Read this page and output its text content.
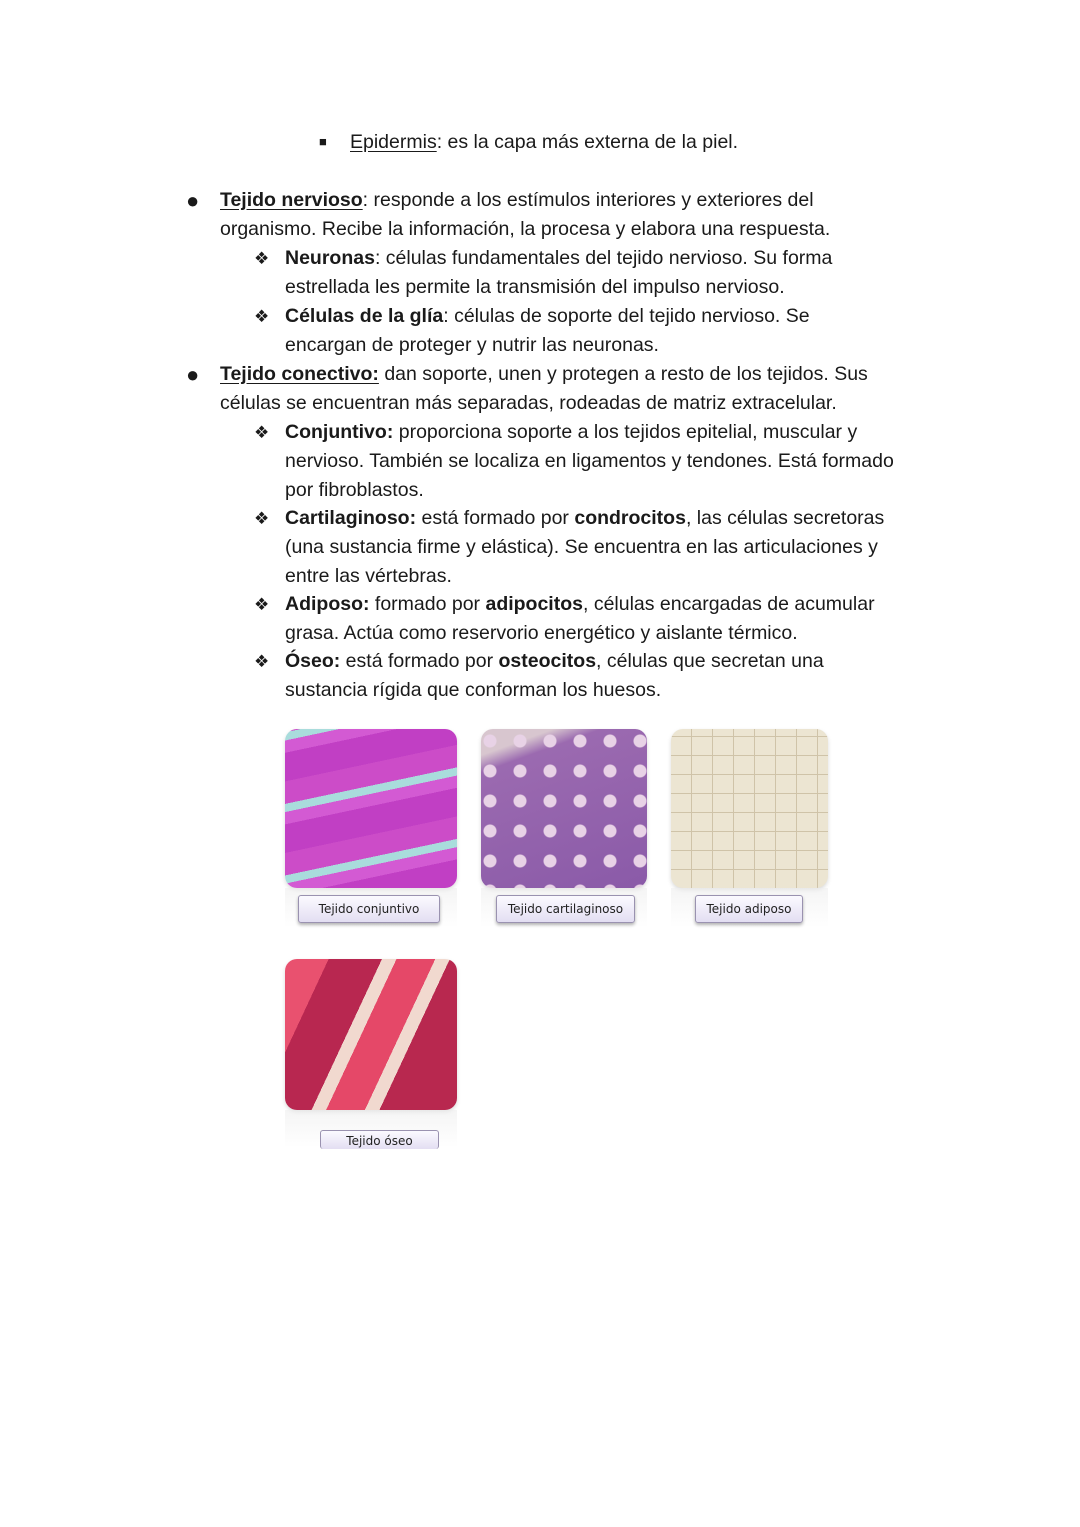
■ Epidermis: es la capa más externa de la piel.
● Tejido nervioso: responde a los estímulos interiores y exteriores del organismo. Recibe la información, la procesa y elabora una respuesta.
❖ Neuronas: células fundamentales del tejido nervioso. Su forma estrellada les permite la transmisión del impulso nervioso.
❖ Células de la glía: células de soporte del tejido nervioso. Se encargan de proteger y nutrir las neuronas.
● Tejido conectivo: dan soporte, unen y protegen a resto de los tejidos. Sus células se encuentran más separadas, rodeadas de matriz extracelular.
❖ Conjuntivo: proporciona soporte a los tejidos epitelial, muscular y nervioso. También se localiza en ligamentos y tendones. Está formado por fibroblastos.
❖ Cartilaginoso: está formado por condrocitos, las células secretoras (una sustancia firme y elástica). Se encuentra en las articulaciones y entre las vértebras.
❖ Adiposo: formado por adipocitos, células encargadas de acumular grasa. Actúa como reservorio energético y aislante térmico.
❖ Óseo: está formado por osteocitos, células que secretan una sustancia rígida que conforman los huesos.
Tejido conjuntivo	Tejido cartilaginoso	Tejido adiposo
Tejido óseo
